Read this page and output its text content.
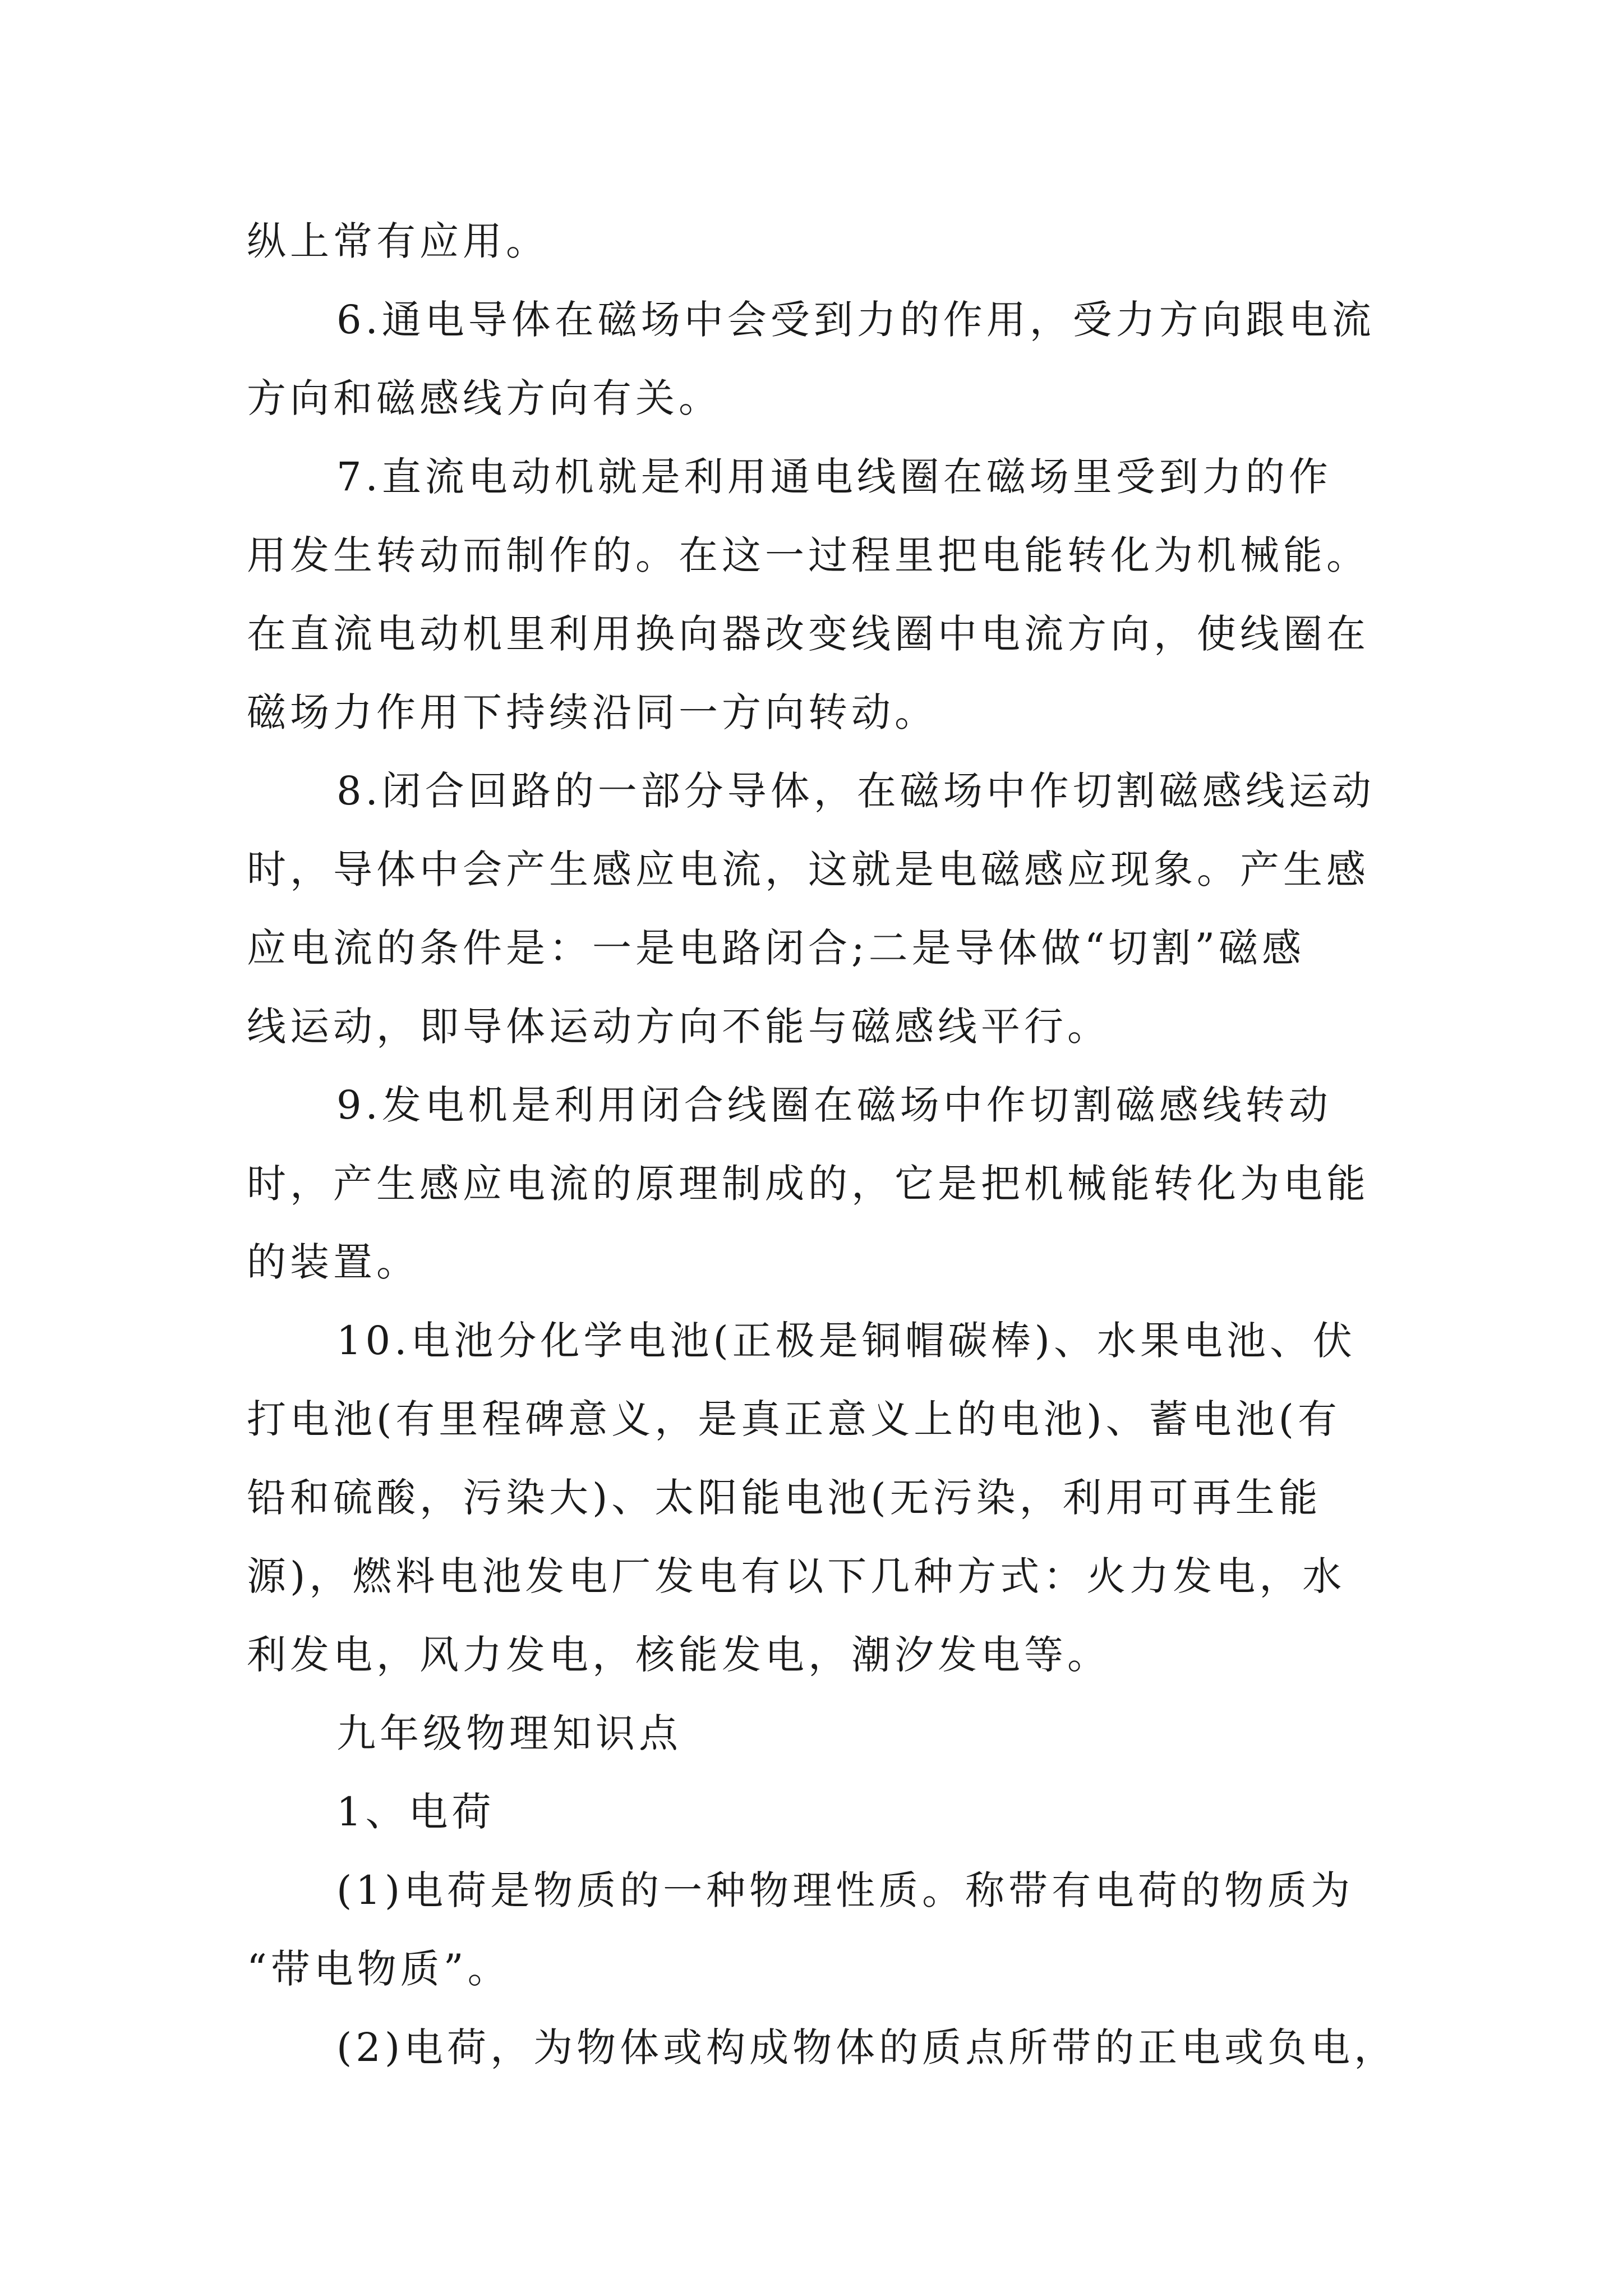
纵上常有应用。

6.通电导体在磁场中会受到力的作用，受力方向跟电流

方向和磁感线方向有关。

7.直流电动机就是利用通电线圈在磁场里受到力的作

用发生转动而制作的。在这一过程里把电能转化为机械能。

在直流电动机里利用换向器改变线圈中电流方向，使线圈在

磁场力作用下持续沿同一方向转动。

8.闭合回路的一部分导体，在磁场中作切割磁感线运动

时，导体中会产生感应电流，这就是电磁感应现象。产生感

应电流的条件是：一是电路闭合;二是导体做“切割”磁感

线运动，即导体运动方向不能与磁感线平行。

9.发电机是利用闭合线圈在磁场中作切割磁感线转动

时，产生感应电流的原理制成的，它是把机械能转化为电能

的装置。

10.电池分化学电池(正极是铜帽碳棒)、水果电池、伏

打电池(有里程碑意义，是真正意义上的电池)、蓄电池(有

铅和硫酸，污染大)、太阳能电池(无污染，利用可再生能

源)，燃料电池发电厂发电有以下几种方式：火力发电，水

利发电，风力发电，核能发电，潮汐发电等。

九年级物理知识点

1、电荷

(1)电荷是物质的一种物理性质。称带有电荷的物质为

“带电物质”。

(2)电荷，为物体或构成物体的质点所带的正电或负电，
